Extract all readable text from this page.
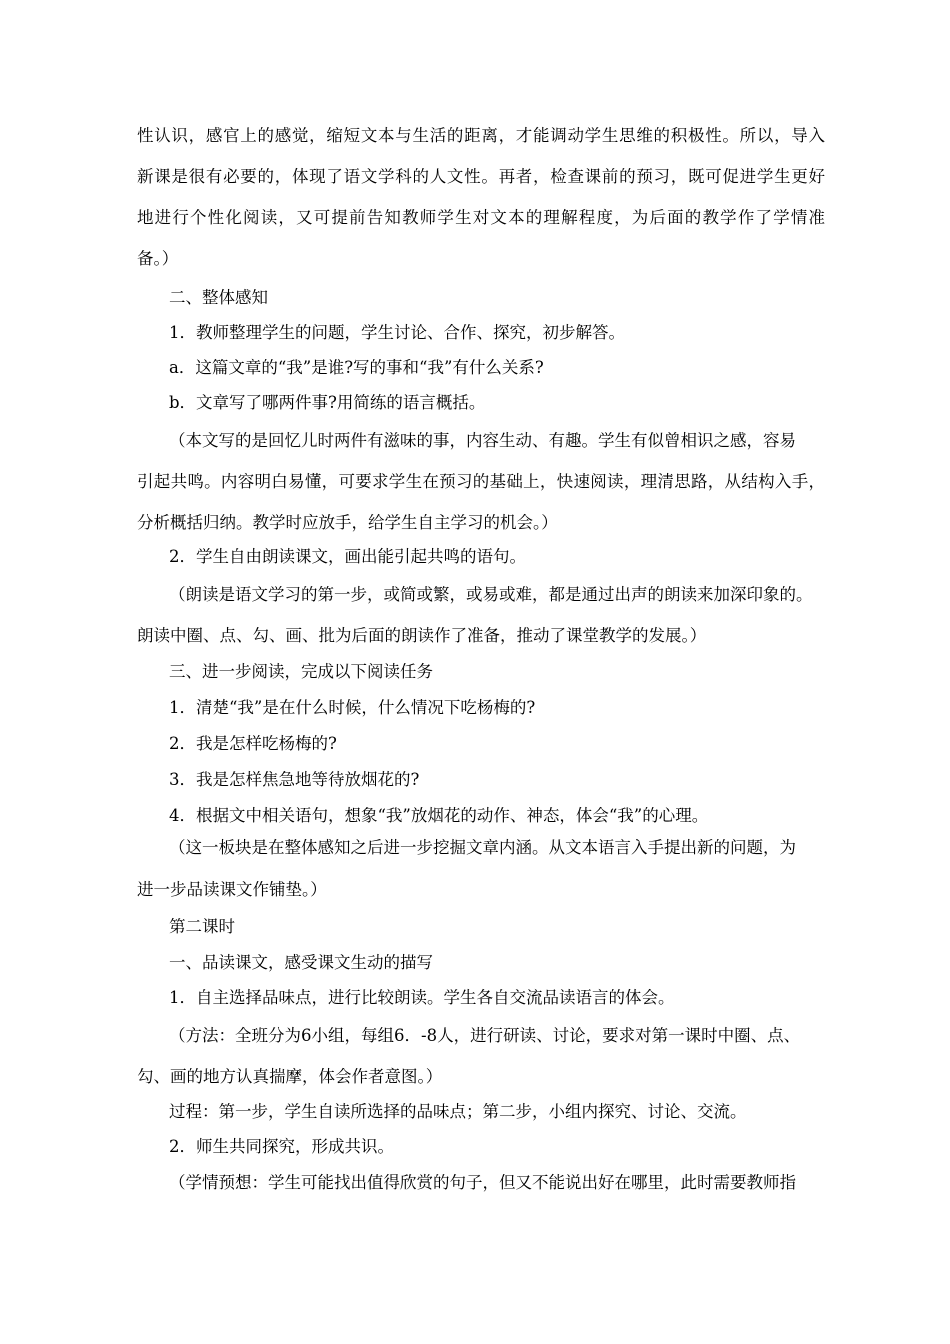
性认识，感官上的感觉，缩短文本与生活的距离，才能调动学生思维的积极性。所以，导入

新课是很有必要的，体现了语文学科的人文性。再者，检查课前的预习，既可促进学生更好

地进行个性化阅读，又可提前告知教师学生对文本的理解程度，为后面的教学作了学情准

备。）

二、整体感知

1．教师整理学生的问题，学生讨论、合作、探究，初步解答。

a．这篇文章的“我”是谁?写的事和“我”有什么关系?

b．文章写了哪两件事?用简练的语言概括。

（本文写的是回忆儿时两件有滋味的事，内容生动、有趣。学生有似曾相识之感，容易

引起共鸣。内容明白易懂，可要求学生在预习的基础上，快速阅读，理清思路，从结构入手，

分析概括归纳。教学时应放手，给学生自主学习的机会。）

2．学生自由朗读课文，画出能引起共鸣的语句。

（朗读是语文学习的第一步，或简或繁，或易或难，都是通过出声的朗读来加深印象的。

朗读中圈、点、勾、画、批为后面的朗读作了准备，推动了课堂教学的发展。）

三、进一步阅读，完成以下阅读任务

1．清楚“我”是在什么时候，什么情况下吃杨梅的?

2．我是怎样吃杨梅的?

3．我是怎样焦急地等待放烟花的?

4．根据文中相关语句，想象“我”放烟花的动作、神态，体会“我”的心理。

（这一板块是在整体感知之后进一步挖掘文章内涵。从文本语言入手提出新的问题，为

进一步品读课文作铺垫。）

第二课时

一、品读课文，感受课文生动的描写

1．自主选择品味点，进行比较朗读。学生各自交流品读语言的体会。

（方法：全班分为6小组，每组6．-8人，进行研读、讨论，要求对第一课时中圈、点、

勾、画的地方认真揣摩，体会作者意图。）

过程：第一步，学生自读所选择的品味点；第二步，小组内探究、讨论、交流。

2．师生共同探究，形成共识。

（学情预想：学生可能找出值得欣赏的句子，但又不能说出好在哪里，此时需要教师指
